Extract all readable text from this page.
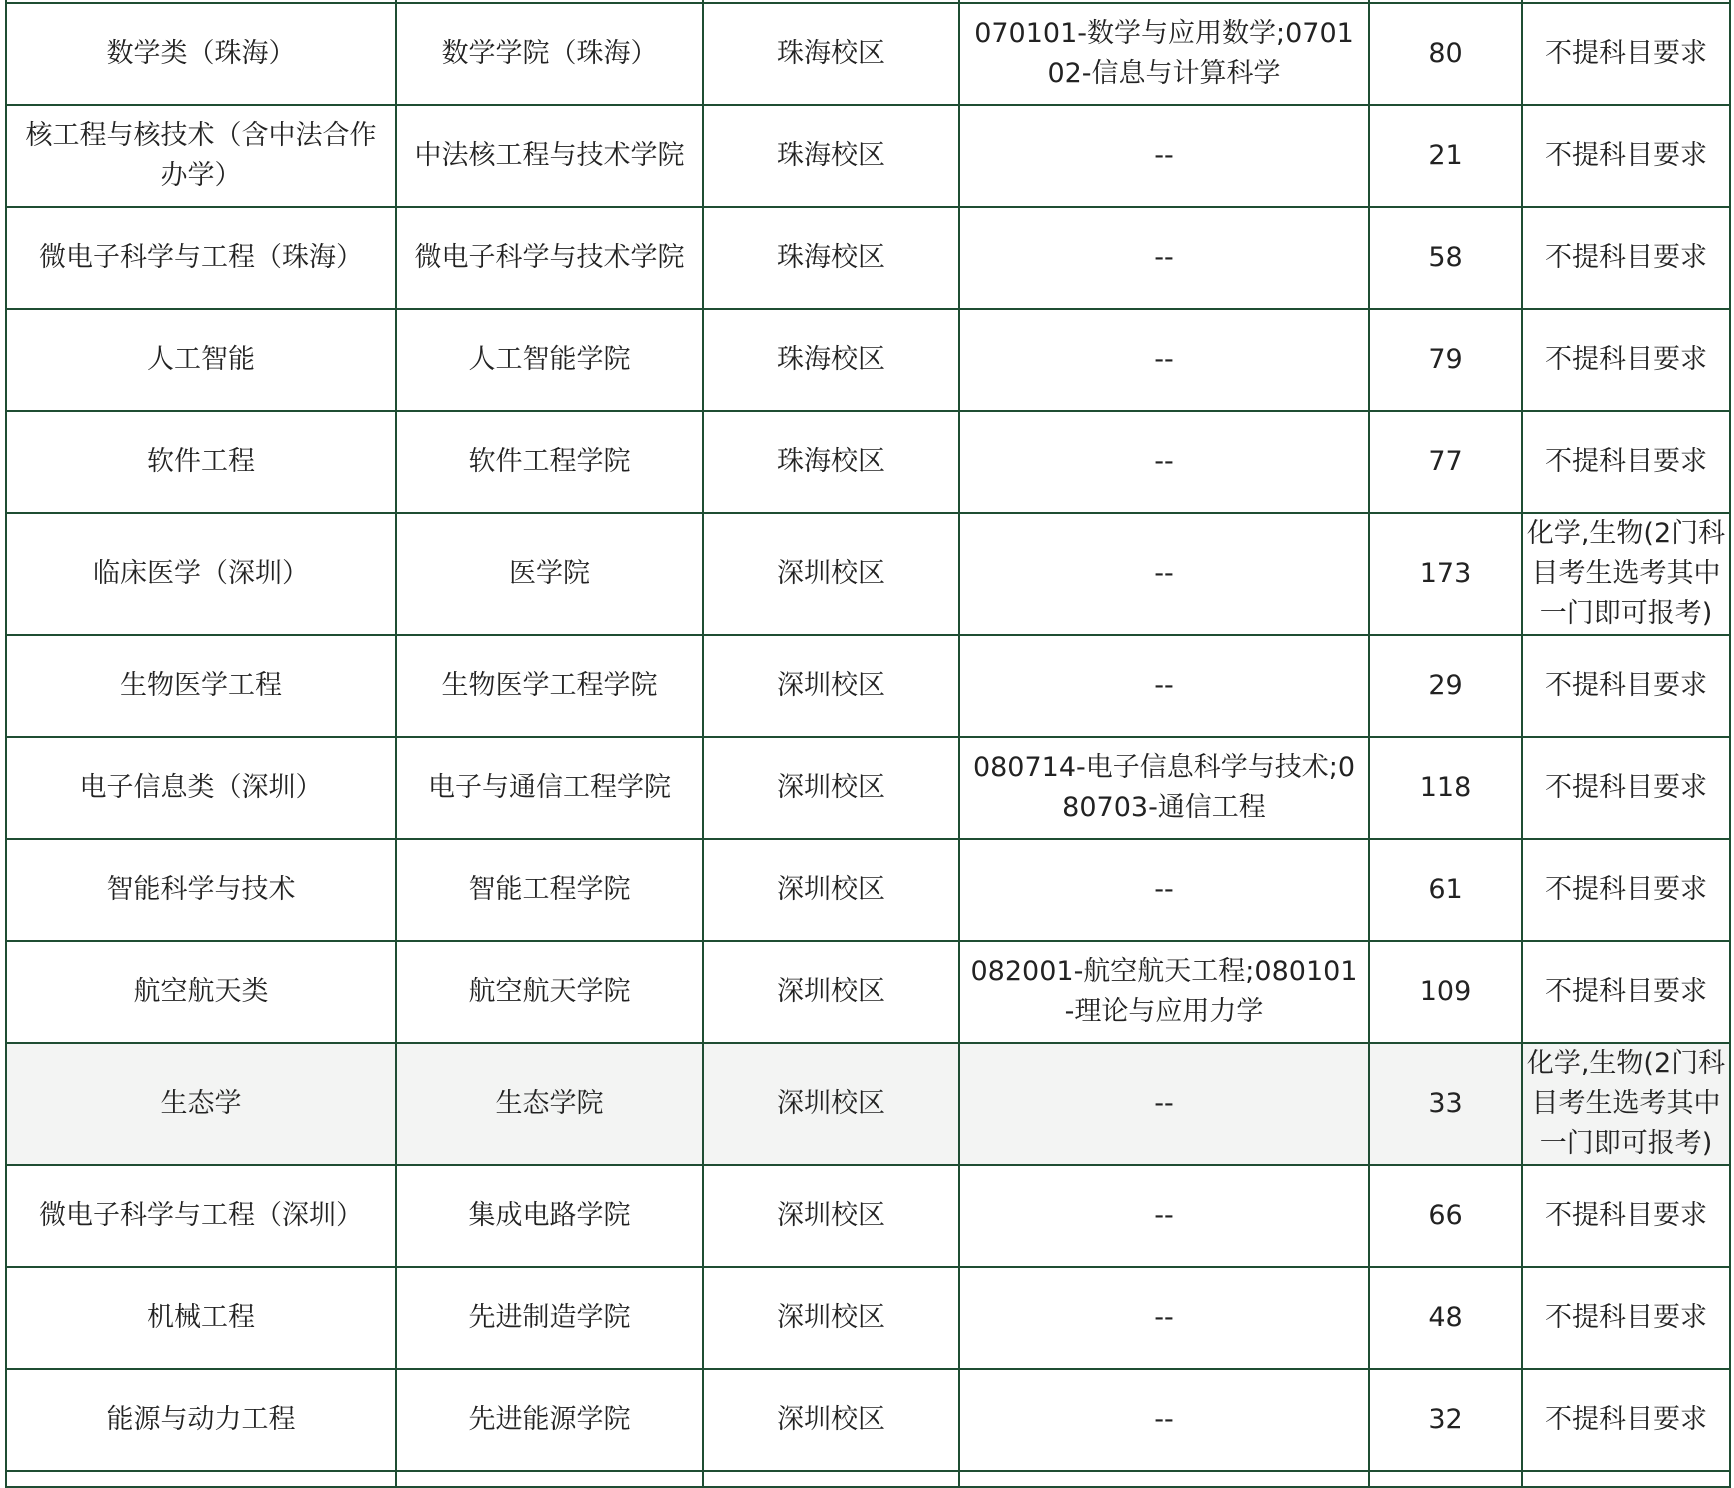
数学类（珠海）	数学学院（珠海）	珠海校区	070101-数学与应用数学;070102-信息与计算科学	80	不提科目要求
核工程与核技术（含中法合作办学）	中法核工程与技术学院	珠海校区	--	21	不提科目要求
微电子科学与工程（珠海）	微电子科学与技术学院	珠海校区	--	58	不提科目要求
人工智能	人工智能学院	珠海校区	--	79	不提科目要求
软件工程	软件工程学院	珠海校区	--	77	不提科目要求
临床医学（深圳）	医学院	深圳校区	--	173	化学,生物(2门科目考生选考其中一门即可报考)
生物医学工程	生物医学工程学院	深圳校区	--	29	不提科目要求
电子信息类（深圳）	电子与通信工程学院	深圳校区	080714-电子信息科学与技术;080703-通信工程	118	不提科目要求
智能科学与技术	智能工程学院	深圳校区	--	61	不提科目要求
航空航天类	航空航天学院	深圳校区	082001-航空航天工程;080101-理论与应用力学	109	不提科目要求
生态学	生态学院	深圳校区	--	33	化学,生物(2门科目考生选考其中一门即可报考)
微电子科学与工程（深圳）	集成电路学院	深圳校区	--	66	不提科目要求
机械工程	先进制造学院	深圳校区	--	48	不提科目要求
能源与动力工程	先进能源学院	深圳校区	--	32	不提科目要求
